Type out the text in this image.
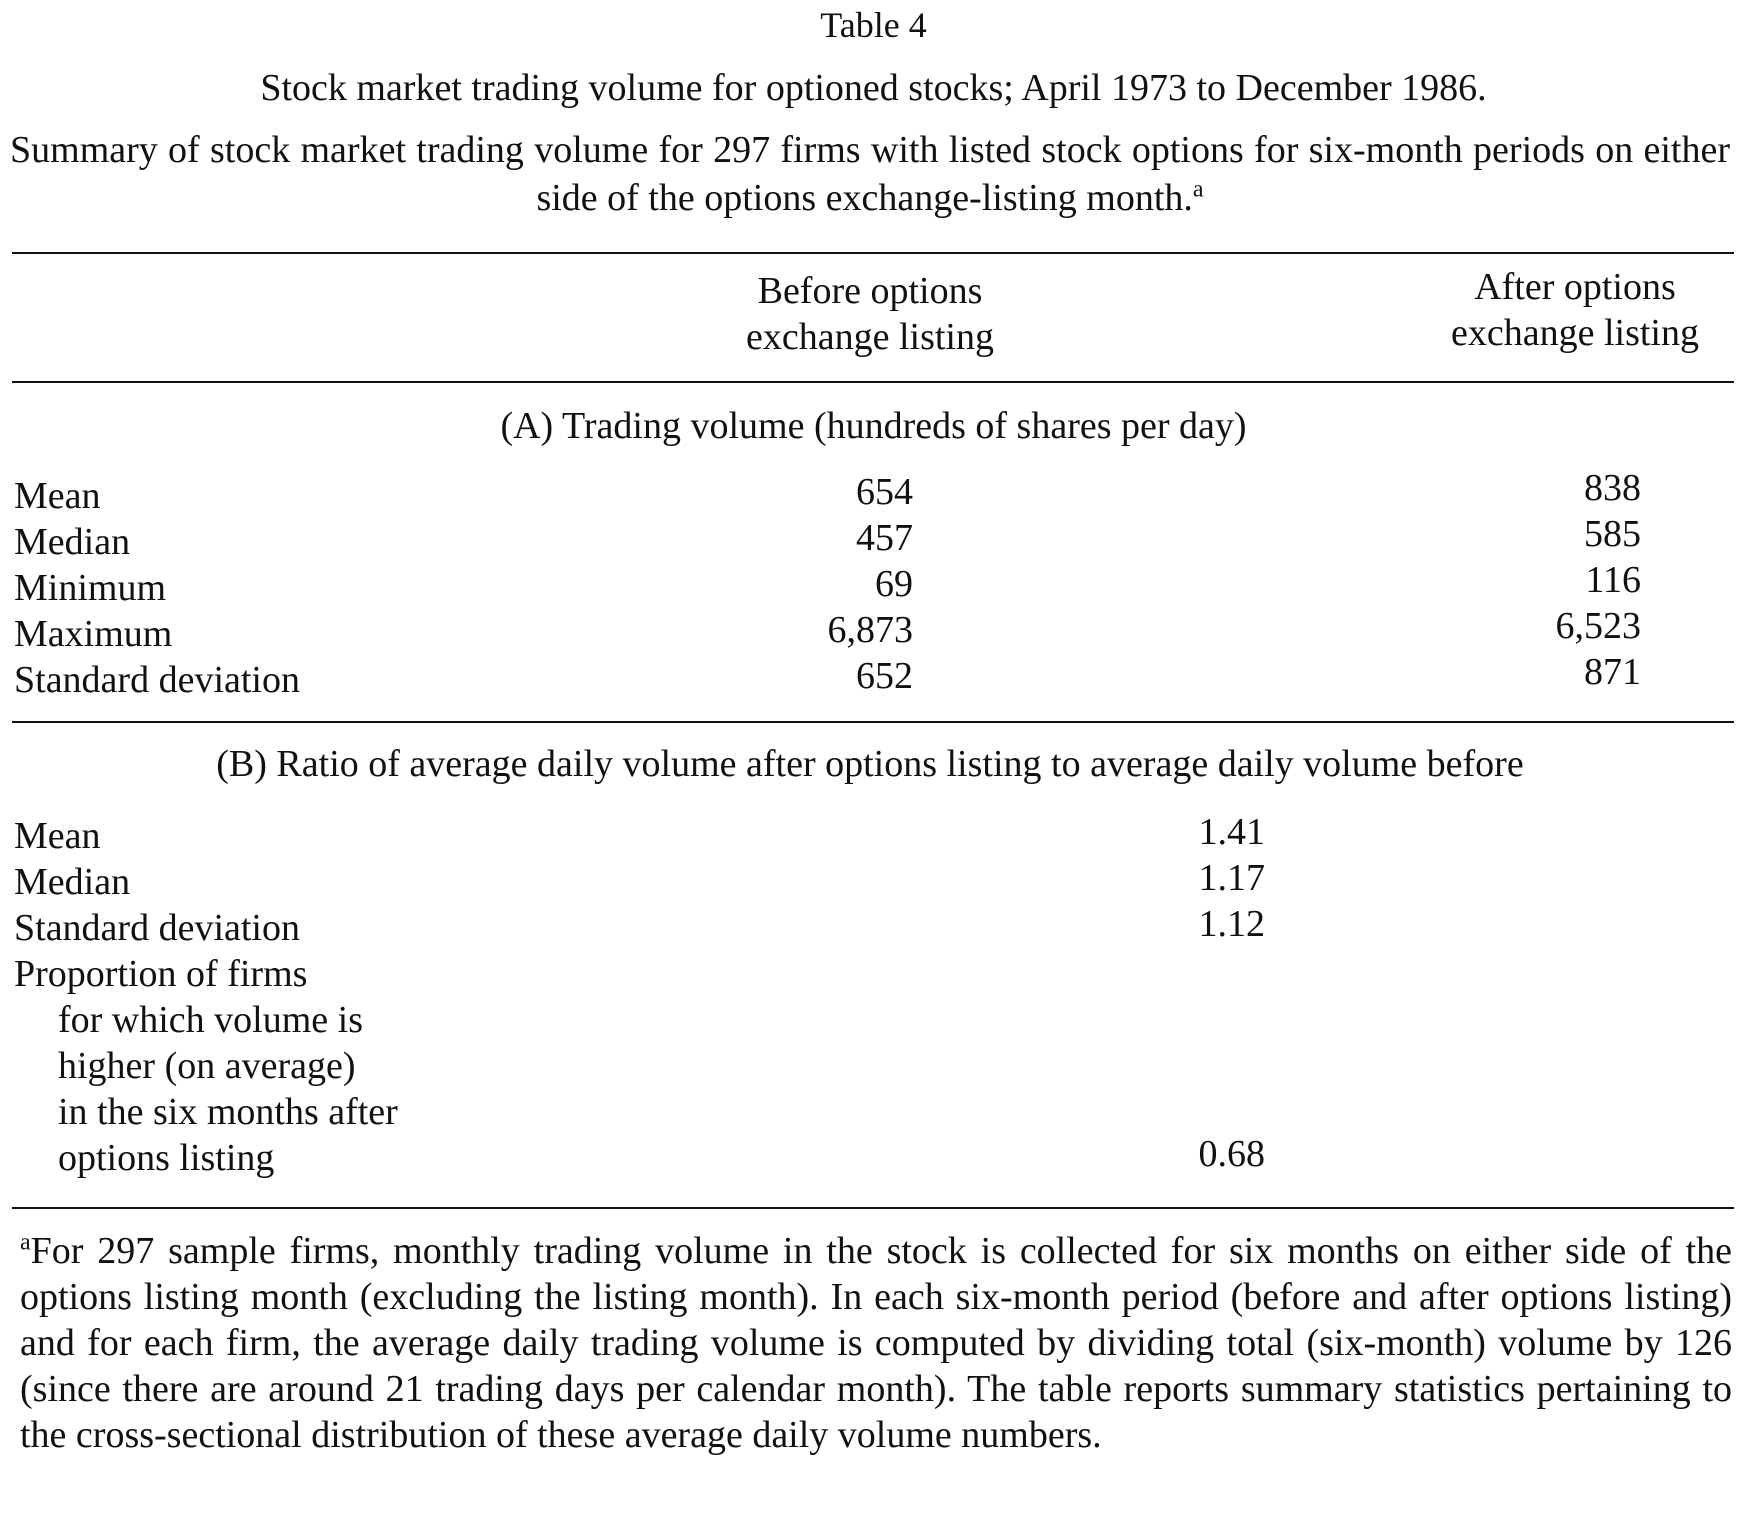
Table 4
Stock market trading volume for optioned stocks; April 1973 to December 1986.
Summary of stock market trading volume for 297 firms with listed stock options for six-month periods on either side of the options exchange-listing month.$^a$
Before options
exchange listing
After options
exchange listing
(A) Trading volume (hundreds of shares per day)
Mean	654	838
Median	457	585
Minimum	69	116
Maximum	6,873	6,523
Standard deviation	652	871
(B) Ratio of average daily volume after options listing to average daily volume before
Mean	1.41
Median	1.17
Standard deviation	1.12
Proportion of firms
for which volume is
higher (on average)
in the six months after
options listing	0.68
$^a$For 297 sample firms, monthly trading volume in the stock is collected for six months on either side of the options listing month (excluding the listing month). In each six-month period (before and after options listing) and for each firm, the average daily trading volume is computed by dividing total (six-month) volume by 126 (since there are around 21 trading days per calendar month). The table reports summary statistics pertaining to the cross-sectional distribution of these average daily volume numbers.
